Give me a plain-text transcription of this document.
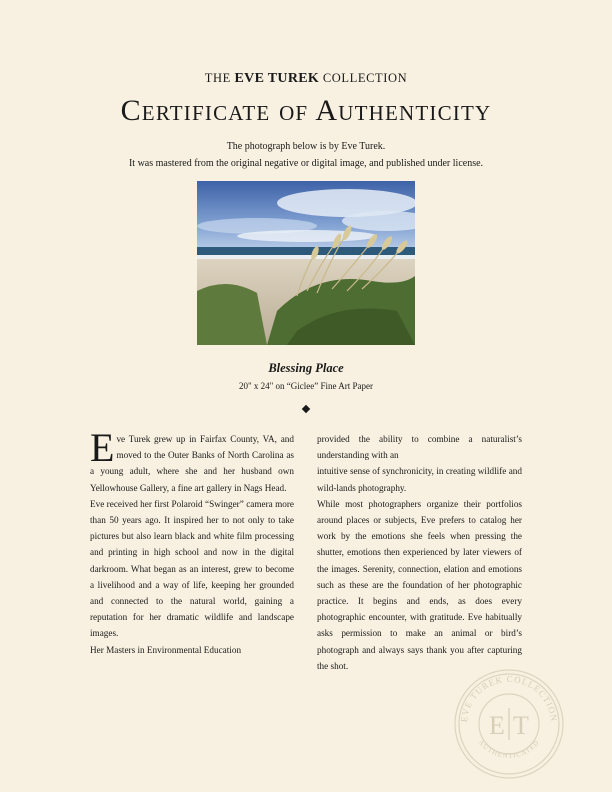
THE EVE TUREK COLLECTION
Certificate of Authenticity
The photograph below is by Eve Turek.
It was mastered from the original negative or digital image, and published under license.
Blessing Place
20" x 24" on “Giclee” Fine Art Paper
E ve Turek grew up in Fairfax County, VA, and moved to the Outer Banks of North Carolina as a young adult, where she and her husband own Yellowhouse Gallery, a fine art gallery in Nags Head.

Eve received her first Polaroid “Swinger” camera more than 50 years ago. It inspired her to not only to take pictures but also learn black and white film processing and printing in high school and now in the digital darkroom. What began as an interest, grew to become a livelihood and a way of life, keeping her grounded and connected to the natural world, gaining a reputation for her dramatic wildlife and landscape images.

Her Masters in Environmental Education

provided the ability to combine a naturalist’s understanding with an

intuitive sense of synchronicity, in creating wildlife and wild-lands photography.

While most photographers organize their portfolios around places or subjects, Eve prefers to catalog her work by the emotions she feels when pressing the shutter, emotions then experienced by later viewers of the images. Serenity, connection, elation and emotions such as these are the foundation of her photographic practice. It begins and ends, as does every photographic encounter, with gratitude. Eve habitually asks permission to make an animal or bird’s photograph and always says thank you after capturing the shot.

EVE TUREK COLLECTION
AUTHENTICATED
E T
